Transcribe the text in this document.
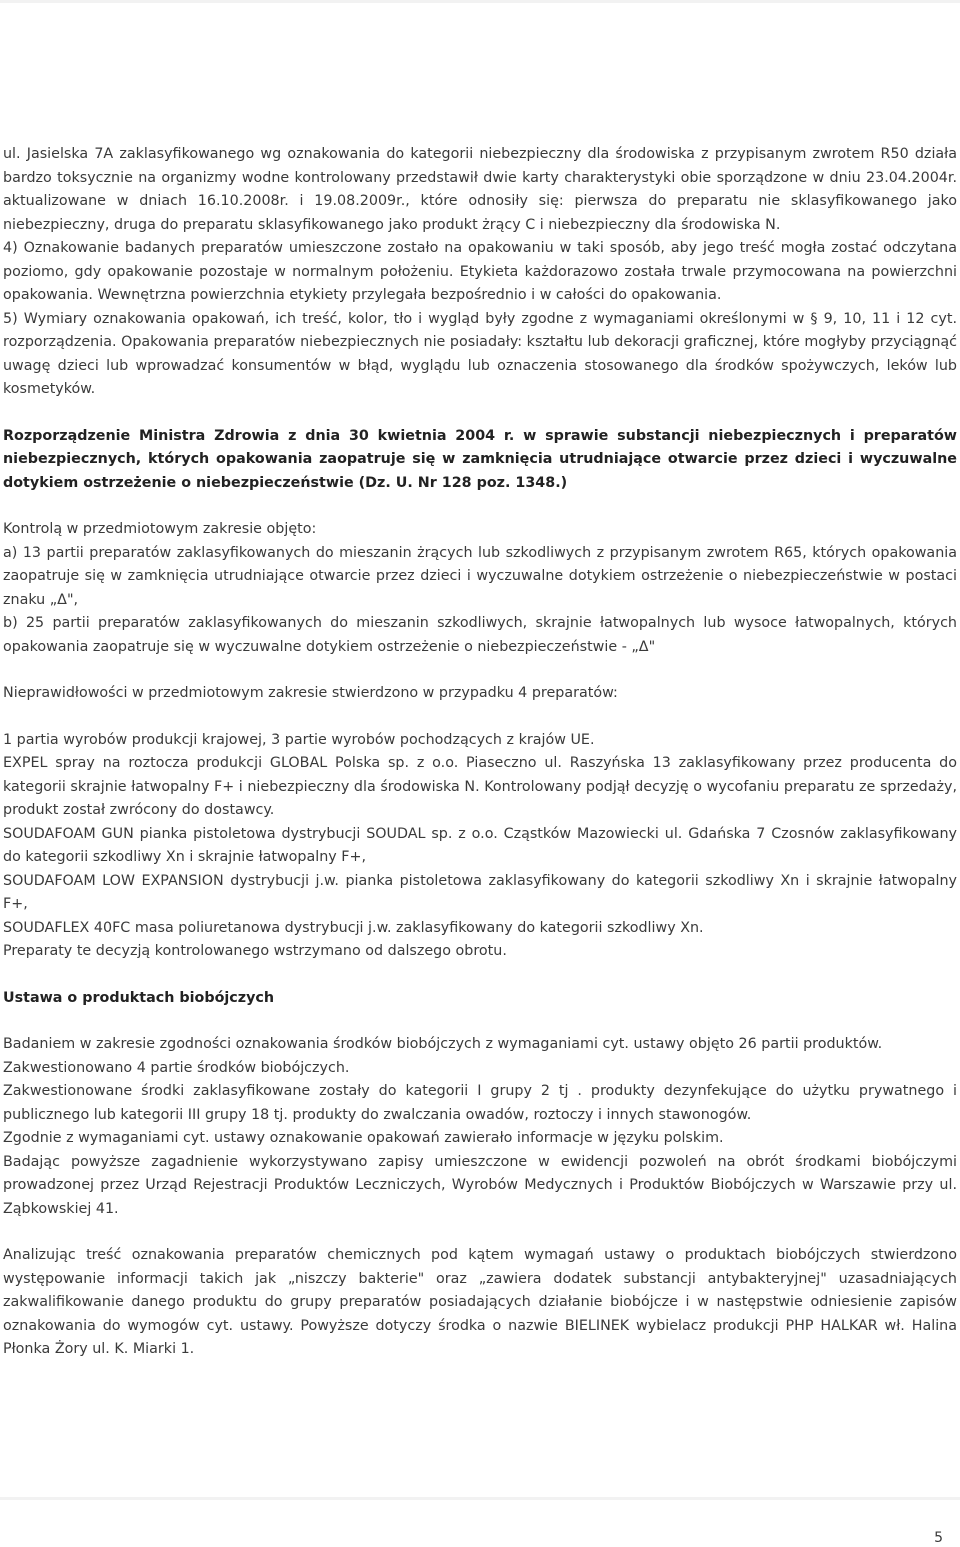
ul. Jasielska 7A zaklasyfikowanego wg oznakowania do kategorii niebezpieczny dla środowiska z przypisanym zwrotem R50 działa bardzo toksycznie na organizmy wodne kontrolowany przedstawił dwie karty charakterystyki obie sporządzone w dniu 23.04.2004r. aktualizowane w dniach 16.10.2008r. i 19.08.2009r., które odnosiły się: pierwsza do preparatu nie sklasyfikowanego jako niebezpieczny, druga do preparatu sklasyfikowanego jako produkt żrący C i niebezpieczny dla środowiska N.

4) Oznakowanie badanych preparatów umieszczone zostało na opakowaniu w taki sposób, aby jego treść mogła zostać odczytana poziomo, gdy opakowanie pozostaje w normalnym położeniu. Etykieta każdorazowo została trwale przymocowana na powierzchni opakowania. Wewnętrzna powierzchnia etykiety przylegała bezpośrednio i w całości do opakowania.

5) Wymiary oznakowania opakowań, ich treść, kolor, tło i wygląd były zgodne z wymaganiami określonymi w § 9, 10, 11 i 12 cyt. rozporządzenia. Opakowania preparatów niebezpiecznych nie posiadały: kształtu lub dekoracji graficznej, które mogłyby przyciągnąć uwagę dzieci lub wprowadzać konsumentów w błąd, wyglądu lub oznaczenia stosowanego dla środków spożywczych, leków lub kosmetyków.

Rozporządzenie Ministra Zdrowia z dnia 30 kwietnia 2004 r. w sprawie substancji niebezpiecznych i preparatów niebezpiecznych, których opakowania zaopatruje się w zamknięcia utrudniające otwarcie przez dzieci i wyczuwalne dotykiem ostrzeżenie o niebezpieczeństwie (Dz. U. Nr 128 poz. 1348.)

Kontrolą w przedmiotowym zakresie objęto:

a) 13 partii preparatów zaklasyfikowanych do mieszanin żrących lub szkodliwych z przypisanym zwrotem R65, których opakowania zaopatruje się w zamknięcia utrudniające otwarcie przez dzieci i wyczuwalne dotykiem ostrzeżenie o niebezpieczeństwie w postaci znaku „Δ",

b) 25 partii preparatów zaklasyfikowanych do mieszanin szkodliwych, skrajnie łatwopalnych lub wysoce łatwopalnych, których opakowania zaopatruje się w wyczuwalne dotykiem ostrzeżenie o niebezpieczeństwie - „Δ"

Nieprawidłowości w przedmiotowym zakresie stwierdzono w przypadku 4 preparatów:

1 partia wyrobów produkcji krajowej, 3 partie wyrobów pochodzących z krajów UE.

EXPEL spray na roztocza produkcji GLOBAL Polska sp. z o.o. Piaseczno ul. Raszyńska 13 zaklasyfikowany przez producenta do kategorii skrajnie łatwopalny F+ i niebezpieczny dla środowiska N. Kontrolowany podjął decyzję o wycofaniu preparatu ze sprzedaży, produkt został zwrócony do dostawcy.

SOUDAFOAM GUN pianka pistoletowa dystrybucji SOUDAL sp. z o.o. Cząstków Mazowiecki ul. Gdańska 7 Czosnów zaklasyfikowany do kategorii szkodliwy Xn i skrajnie łatwopalny F+,

SOUDAFOAM LOW EXPANSION dystrybucji j.w. pianka pistoletowa zaklasyfikowany do kategorii szkodliwy Xn i skrajnie łatwopalny F+,

SOUDAFLEX 40FC masa poliuretanowa dystrybucji j.w. zaklasyfikowany do kategorii szkodliwy Xn.

Preparaty te decyzją kontrolowanego wstrzymano od dalszego obrotu.

Ustawa o produktach biobójczych

Badaniem w zakresie zgodności oznakowania środków biobójczych z wymaganiami cyt. ustawy objęto 26 partii produktów.

Zakwestionowano 4 partie środków biobójczych.

Zakwestionowane środki zaklasyfikowane zostały do kategorii I grupy 2 tj . produkty dezynfekujące do użytku prywatnego i publicznego lub kategorii III grupy 18 tj. produkty do zwalczania owadów, roztoczy i innych stawonogów.

Zgodnie z wymaganiami cyt. ustawy oznakowanie opakowań zawierało informacje w języku polskim.

Badając powyższe zagadnienie wykorzystywano zapisy umieszczone w ewidencji pozwoleń na obrót środkami biobójczymi prowadzonej przez Urząd Rejestracji Produktów Leczniczych, Wyrobów Medycznych i Produktów Biobójczych w Warszawie przy ul. Ząbkowskiej 41.

Analizując treść oznakowania preparatów chemicznych pod kątem wymagań ustawy o produktach biobójczych stwierdzono występowanie informacji takich jak „niszczy bakterie" oraz „zawiera dodatek substancji antybakteryjnej" uzasadniających zakwalifikowanie danego produktu do grupy preparatów posiadających działanie biobójcze i w następstwie odniesienie zapisów oznakowania do wymogów cyt. ustawy. Powyższe dotyczy środka o nazwie BIELINEK wybielacz produkcji PHP HALKAR wł. Halina Płonka Żory ul. K. Miarki 1.

5
